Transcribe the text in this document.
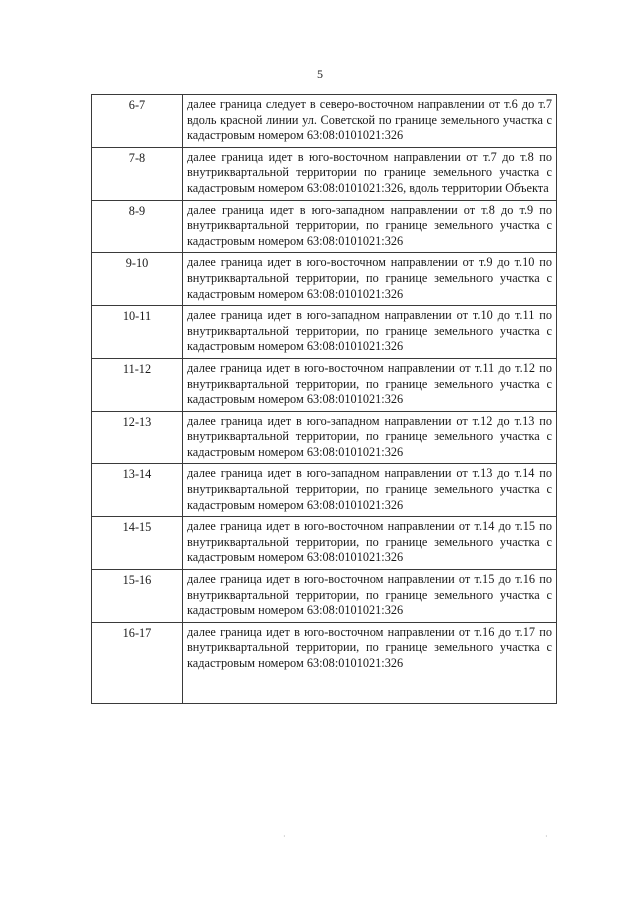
5
6-7	далее граница следует в северо-восточном направлении от т.6 до т.7 вдоль красной линии ул. Советской по границе земельного участка с кадастровым номером 63:08:0101021:326
7-8	далее граница идет в юго-восточном направлении от т.7 до т.8 по внутриквартальной территории по границе земельного участка с кадастровым номером 63:08:0101021:326, вдоль территории Объекта
8-9	далее граница идет в юго-западном направлении от т.8 до т.9 по внутриквартальной территории, по границе земельного участка с кадастровым номером 63:08:0101021:326
9-10	далее граница идет в юго-восточном направлении от т.9 до т.10 по внутриквартальной территории, по границе земельного участка с кадастровым номером 63:08:0101021:326
10-11	далее граница идет в юго-западном направлении от т.10 до т.11 по внутриквартальной территории, по границе земельного участка с кадастровым номером 63:08:0101021:326
11-12	далее граница идет в юго-восточном направлении от т.11 до т.12 по внутриквартальной территории, по границе земельного участка с кадастровым номером 63:08:0101021:326
12-13	далее граница идет в юго-западном направлении от т.12 до т.13 по внутриквартальной территории, по границе земельного участка с кадастровым номером 63:08:0101021:326
13-14	далее граница идет в юго-западном направлении от т.13 до т.14 по внутриквартальной территории, по границе земельного участка с кадастровым номером 63:08:0101021:326
14-15	далее граница идет в юго-восточном направлении от т.14 до т.15 по внутриквартальной территории, по границе земельного участка с кадастровым номером 63:08:0101021:326
15-16	далее граница идет в юго-восточном направлении от т.15 до т.16 по внутриквартальной территории, по границе земельного участка с кадастровым номером 63:08:0101021:326
16-17	далее граница идет в юго-восточном направлении от т.16 до т.17 по внутриквартальной территории, по границе земельного участка с кадастровым номером 63:08:0101021:326
·	·
